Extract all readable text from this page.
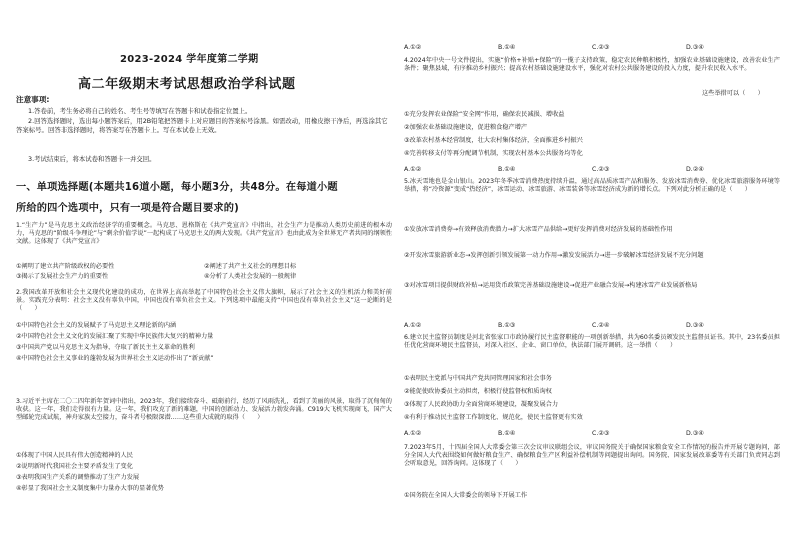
2023-2024 学年度第二学期
高二年级期末考试思想政治学科试题
注意事项:
1.答卷前，考生务必将自己的姓名、考生号等填写在答题卡和试卷指定位置上。
2.回答选择题时，选出每小题答案后，用2B铅笔把答题卡上对应题目的答案标号涂黑。如需改动，用橡皮擦干净后，再选涂其它答案标号。回答非选择题时，将答案写在答题卡上。写在本试卷上无效。
3.考试结束后，将本试卷和答题卡一并交回。
一、单项选择题(本题共16道小题，每小题3分，共48分。在每道小题
所给的四个选项中，只有一项是符合题目要求的)
1.“生产力”是马克思主义政治经济学的重要概念。马克思、恩格斯在《共产党宣言》中指出，社会生产力是推动人类历史前进的根本动力，马克思的“阶级斗争理论”与“剩余价值学说”一起构成了马克思主义的两大发现。《共产党宣言》也由此成为全世界无产者共同的纲领性文献。这体现了《共产党宣言》
①阐明了建立共产阶级政权的必要性	②阐述了共产主义社会的理想目标
③揭示了发展社会生产力的重要性	④分析了人类社会发展的一般规律
2.我国改革开放和社会主义现代化建设的成功，在世界上高高举起了中国特色社会主义伟大旗帜，展示了社会主义的生机活力和美好前景。实践充分表明：社会主义没有辜负中国，中国也没有辜负社会主义。下列选项中最能支持“中国也没有辜负社会主义”这一论断的是（　　）
①中国特色社会主义的发展赋予了马克思主义理论新的内涵
②中国特色社会主义文化的发展汇聚了实现中华民族伟大复兴的精神力量
③中国共产党以马克思主义为指导，夺取了新民主主义革命的胜利
④中国特色社会主义事业的蓬勃发展为世界社会主义运动作出了“新贡献”
3.习近平主席在二〇二四年新年贺词中指出，2023年，我们接续奋斗、砥砺前行，经历了风雨洗礼，看到了美丽的风景，取得了沉甸甸的收获。这一年，我们走得很有力量。这一年，我们攻克了新的难题，中国的创新动力、发展活力勃发奔涌。C919大飞机实现商飞，国产大型邮轮完成试航，神舟家族太空接力，奋斗者号极限深潜……这些重大成就的取得（　　）
①体现了中国人民具有伟大创造精神的人民
②说明新时代我国社会主要矛盾发生了变化
③表明我国生产关系的调整推动了生产力发展
④彰显了我国社会主义制度集中力量办大事的显著优势
A.①②	B.①④	C.②③	D.③④
4.2024年中央一号文件提出，实施“价格+补贴+保险”的一揽子支持政策，稳定农民种粮积极性，加强农业基础设施建设，改善农业生产条件；聚焦县域，有序推动乡村振兴；提高农村基础设施建设水平，强化对农村公共服务建设的投入力度，提升农民收入水平。
这些举措可以（　　）
①充分发挥农业保险“安全网”作用，确保农民减损、增收益
②加强农业基础设施建设，促进粮食稳产增产
③改革农村基本经营制度，壮大农村集体经济，全面推进乡村振兴
④完善转移支付等再分配调节机制，实现农村基本公共服务均等化
A.①②	B.①④	C.②③	D.②④
5.冰天雪地也是金山银山。2023年冬季冰雪消费热度持续升温，通过高品质冰雪产品和服务、发放冰雪消费券、优化冰雪旅游服务环境等举措，将“冷资源”变成“热经济”，冰雪运动、冰雪旅游、冰雪装备等冰雪经济成为新的增长点。下列对此分析正确的是（　　）
①发放冰雪消费券→有效释放消费潜力→扩大冰雪产品供给→更好发挥消费对经济发展的基础性作用
②开发冰雪旅游新业态→发挥创新引领发展第一动力作用→激发发展活力→进一步破解冰雪经济发展不充分问题
③对冰雪项目提供财政补贴→运用货币政策完善基础设施建设→促进产业融合发展→构建冰雪产业发展新格局
A.①②	B.①③	C.②④	D.③④
6.建立民主监督员制度是河北省张家口市政协履行民主监督职能的一项创新举措，共为60名委员颁发民主监督员证书。其中，23名委员担任优化营商环境民主监督员，对深入社区、企业、窗口单位，执法部门展开调研。这一举措（　　）
①表明民主党派与中国共产党共同管理国家和社会事务
②能促使政协委员主动担责，积极行使监督权和质询权
③体现了人民政协助力全面营商环境建设，凝聚发展合力
④有利于推动民主监督工作制度化、规范化，使民主监督更有实效
A.①②	B.①④	C.②③	D.③④
7.2023年5月，十四届全国人大常委会第三次会议审议联组会议，审议国务院关于确保国家粮食安全工作情况的报告并开展专题询问，部分全国人大代表围绕如何做好粮食生产、确保粮食生产区利益补偿机制等问题提出询问。国务院、国家发展改革委等有关部门负责同志到会听取意见，回答询问。这体现了（　　）
①国务院在全国人大常委会的领导下开展工作
